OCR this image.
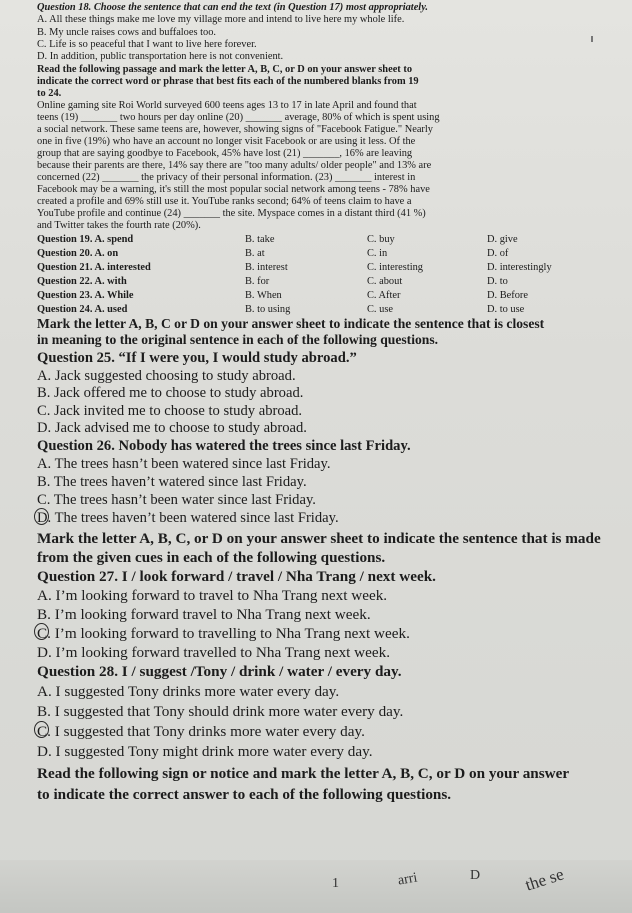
Question 18. Choose the sentence that can end the text (in Question 17) most appropriately.
A. All these things make me love my village more and intend to live here my whole life.
B. My uncle raises cows and buffaloes too.
C. Life is so peaceful that I want to live here forever.
D. In addition, public transportation here is not convenient.
Read the following passage and mark the letter A, B, C, or D on your answer sheet to
indicate the correct word or phrase that best fits each of the numbered blanks from 19
to 24.
Online gaming site Roi World surveyed 600 teens ages 13 to 17 in late April and found that
teens (19) _______ two hours per day online (20) _______ average, 80% of which is spent using
a social network. These same teens are, however, showing signs of "Facebook Fatigue." Nearly
one in five (19%) who have an account no longer visit Facebook or are using it less. Of the
group that are saying goodbye to Facebook, 45% have lost (21) _______, 16% are leaving
because their parents are there, 14% say there are "too many adults/ older people" and 13% are
concerned (22) _______ the privacy of their personal information. (23) _______ interest in
Facebook may be a warning, it's still the most popular social network among teens - 78% have
created a profile and 69% still use it. YouTube ranks second; 64% of teens claim to have a
YouTube profile and continue (24) _______ the site. Myspace comes in a distant third (41 %)
and Twitter takes the fourth rate (20%).
Question 19. A. spend	B. take	C. buy	D. give
Question 20. A. on	B. at	C. in	D. of
Question 21. A. interested	B. interest	C. interesting	D. interestingly
Question 22. A. with	B. for	C. about	D. to
Question 23. A. While	B. When	C. After	D. Before
Question 24. A. used	B. to using	C. use	D. to use
Mark the letter A, B, C or D on your answer sheet to indicate the sentence that is closest
in meaning to the original sentence in each of the following questions.
Question 25. “If I were you, I would study abroad.”
A. Jack suggested choosing to study abroad.
B. Jack offered me to choose to study abroad.
C. Jack invited me to choose to study abroad.
D. Jack advised me to choose to study abroad.
Question 26. Nobody has watered the trees since last Friday.
A. The trees hasn’t been watered since last Friday.
B. The trees haven’t watered since last Friday.
C. The trees hasn’t been water since last Friday.
D. The trees haven’t been watered since last Friday.
Mark the letter A, B, C, or D on your answer sheet to indicate the sentence that is made
from the given cues in each of the following questions.
Question 27. I / look forward / travel / Nha Trang / next week.
A. I’m looking forward to travel to Nha Trang next week.
B. I’m looking forward travel to Nha Trang next week.
C. I’m looking forward to travelling to Nha Trang next week.
D. I’m looking forward travelled to Nha Trang next week.
Question 28. I / suggest /Tony / drink / water / every day.
A. I suggested Tony drinks more water every day.
B. I suggested that Tony should drink more water every day.
C. I suggested that Tony drinks more water every day.
D. I suggested Tony might drink more water every day.
Read the following sign or notice and mark the letter A, B, C, or D on your answer
to indicate the correct answer to each of the following questions.
1	arri	D	the se
